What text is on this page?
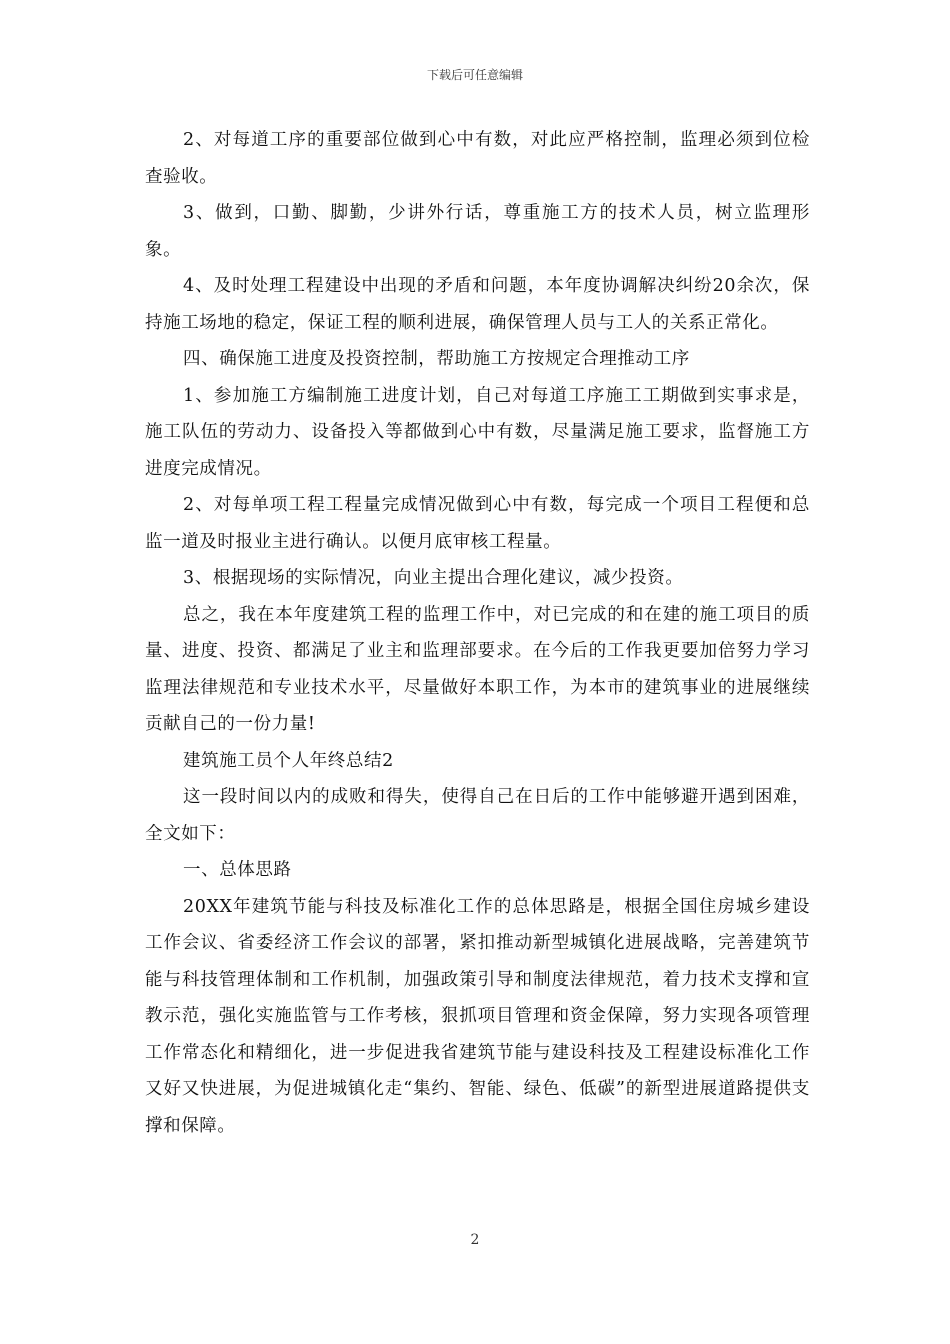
下载后可任意编辑

2、对每道工序的重要部位做到心中有数，对此应严格控制，监理必须到位检查验收。

3、做到，口勤、脚勤，少讲外行话，尊重施工方的技术人员，树立监理形象。

4、及时处理工程建设中出现的矛盾和问题，本年度协调解决纠纷20余次，保持施工场地的稳定，保证工程的顺利进展，确保管理人员与工人的关系正常化。

四、确保施工进度及投资控制，帮助施工方按规定合理推动工序

1、参加施工方编制施工进度计划，自己对每道工序施工工期做到实事求是，施工队伍的劳动力、设备投入等都做到心中有数，尽量满足施工要求，监督施工方进度完成情况。

2、对每单项工程工程量完成情况做到心中有数，每完成一个项目工程便和总监一道及时报业主进行确认。以便月底审核工程量。

3、根据现场的实际情况，向业主提出合理化建议，减少投资。

总之，我在本年度建筑工程的监理工作中，对已完成的和在建的施工项目的质量、进度、投资、都满足了业主和监理部要求。在今后的工作我更要加倍努力学习监理法律规范和专业技术水平，尽量做好本职工作，为本市的建筑事业的进展继续贡献自己的一份力量!

建筑施工员个人年终总结2

这一段时间以内的成败和得失，使得自己在日后的工作中能够避开遇到困难，全文如下：

一、总体思路

20XX年建筑节能与科技及标准化工作的总体思路是，根据全国住房城乡建设工作会议、省委经济工作会议的部署，紧扣推动新型城镇化进展战略，完善建筑节能与科技管理体制和工作机制，加强政策引导和制度法律规范，着力技术支撑和宣教示范，强化实施监管与工作考核，狠抓项目管理和资金保障，努力实现各项管理工作常态化和精细化，进一步促进我省建筑节能与建设科技及工程建设标准化工作又好又快进展，为促进城镇化走“集约、智能、绿色、低碳”的新型进展道路提供支撑和保障。

2
